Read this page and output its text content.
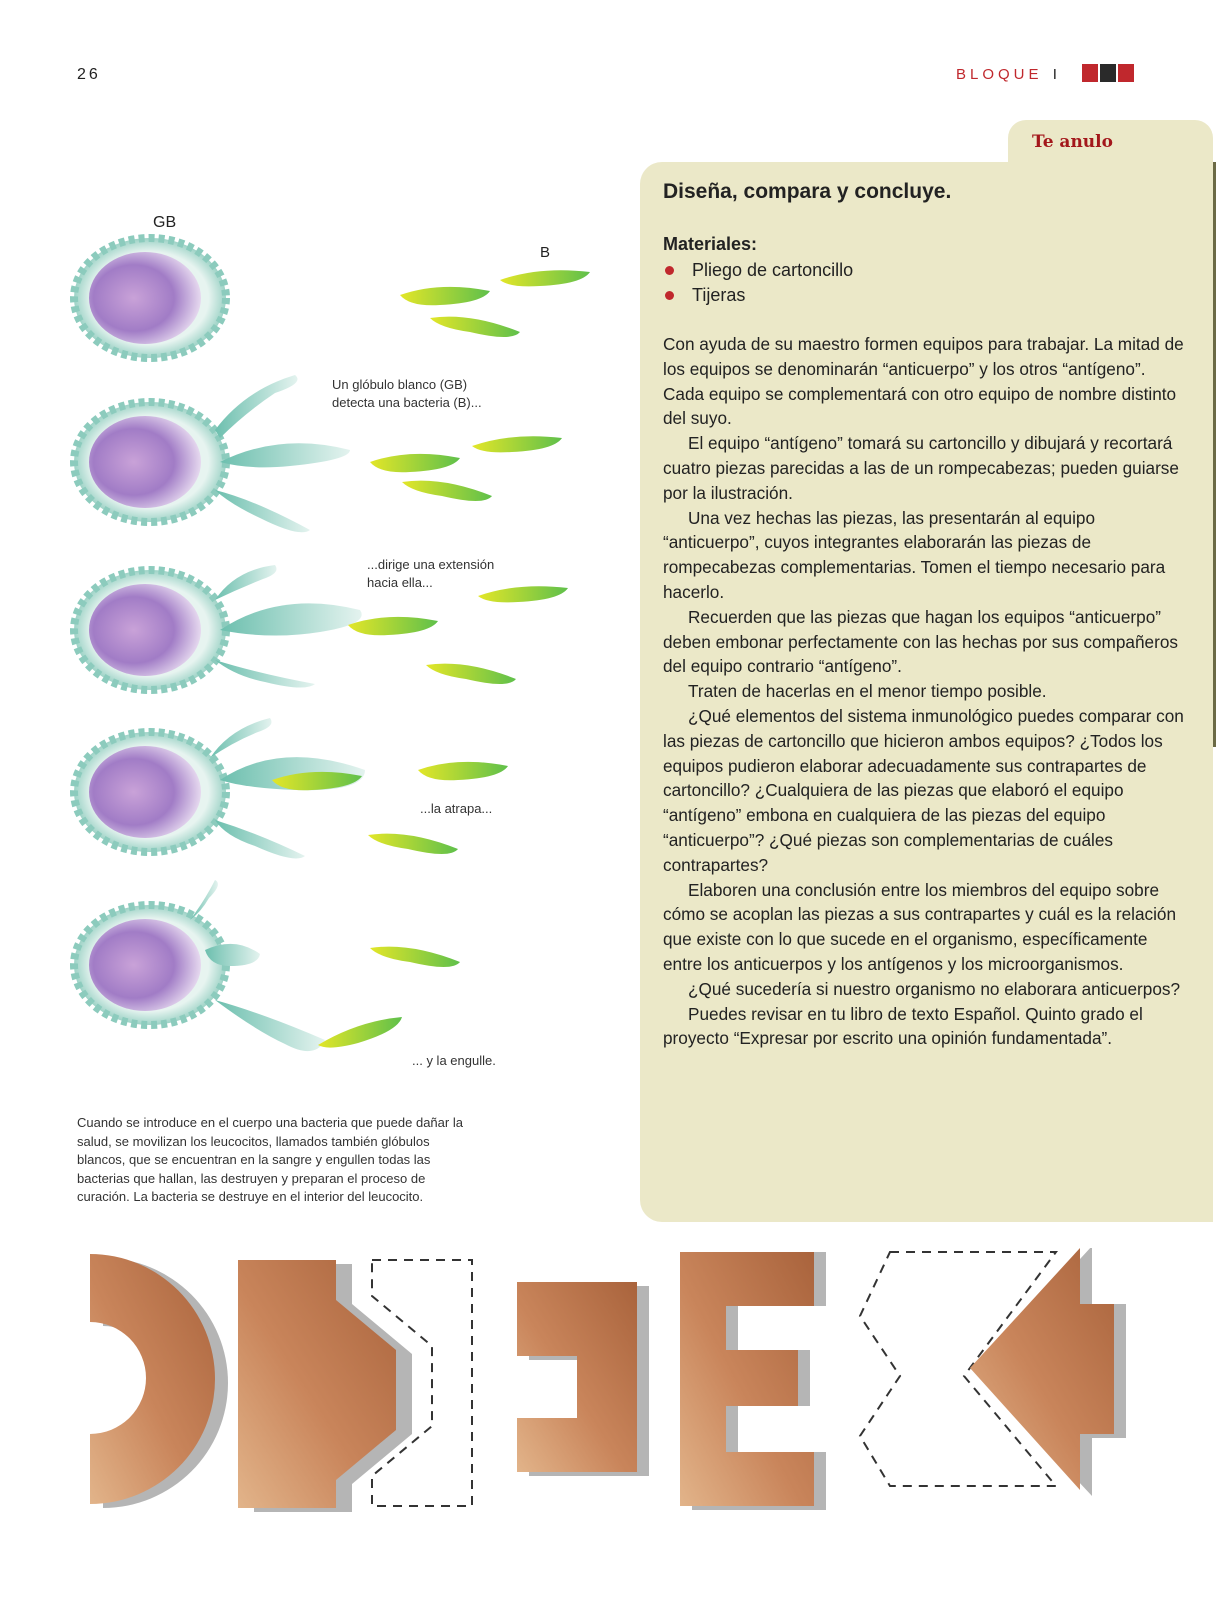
26	BLOQUE I
Te anulo
Diseña, compara y concluye.
Materiales:
Pliego de cartoncillo
Tijeras

Con ayuda de su maestro formen equipos para trabajar. La mitad de los equipos se denominarán “anticuerpo” y los otros “antígeno”. Cada equipo se complementará con otro equipo de nombre distinto del suyo.

El equipo “antígeno” tomará su cartoncillo y dibujará y recortará cuatro piezas parecidas a las de un rompecabezas; pueden guiarse por la ilustración.

Una vez hechas las piezas, las presentarán al equipo “anticuerpo”, cuyos integrantes elaborarán las piezas de rompecabezas complementarias. Tomen el tiempo necesario para hacerlo.

Recuerden que las piezas que hagan los equipos “anticuerpo” deben embonar perfectamente con las hechas por sus compañeros del equipo contrario “antígeno”.

Traten de hacerlas en el menor tiempo posible.

¿Qué elementos del sistema inmunológico puedes comparar con las piezas de cartoncillo que hicieron ambos equipos? ¿Todos los equipos pudieron elaborar adecuadamente sus contrapartes de cartoncillo? ¿Cualquiera de las piezas que elaboró el equipo “antígeno” embona en cualquiera de las piezas del equipo “anticuerpo”? ¿Qué piezas son complementarias de cuáles contrapartes?

Elaboren una conclusión entre los miembros del equipo sobre cómo se acoplan las piezas a sus contrapartes y cuál es la relación que existe con lo que sucede en el organismo, específicamente entre los anticuerpos y los antígenos y los microorganismos.

¿Qué sucedería si nuestro organismo no elaborara anticuerpos?

Puedes revisar en tu libro de texto Español. Quinto grado el proyecto “Expresar por escrito una opinión fundamentada”.

GB
B
Un glóbulo blanco (GB)
detecta una bacteria (B)...
...dirige una extensión
hacia ella...
...la atrapa...
... y la engulle.
Cuando se introduce en el cuerpo una bacteria que puede dañar la salud, se movilizan los leucocitos, llamados también glóbulos blancos, que se encuentran en la sangre y engullen todas las bacterias que hallan, las destruyen y preparan el proceso de curación. La bacteria se destruye en el interior del leucocito.
